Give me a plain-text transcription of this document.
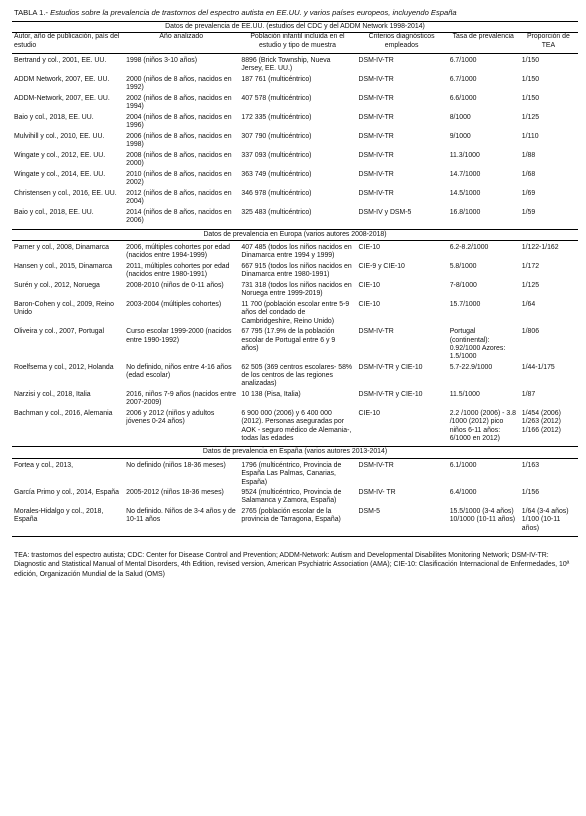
TABLA 1.- Estudios sobre la prevalencia de trastornos del espectro autista en EE.UU. y varios países europeos, incluyendo España
Datos de prevalencia de EE.UU. (estudios del CDC y del ADDM Network 1998-2014)					
Autor, año de publicación, país del estudio	Año analizado	Población infantil incluida en el estudio y tipo de muestra	Criterios diagnósticos empleados	Tasa de prevalencia	Proporción de TEA

Bertrand y col., 2001, EE. UU.	1998 (niños 3-10 años)	8896 (Brick Township, Nueva Jersey, EE. UU.)	DSM-IV-TR	6.7/1000	1/150
ADDM Network, 2007, EE. UU.	2000 (niños de 8 años, nacidos en 1992)	187 761 (multicéntrico)	DSM-IV-TR	6.7/1000	1/150
ADDM-Network, 2007, EE. UU.	2002 (niños de 8 años, nacidos en 1994)	407 578 (multicéntrico)	DSM-IV-TR	6.6/1000	1/150
Baio y col., 2018, EE. UU.	2004 (niños de 8 años, nacidos en 1996)	172 335 (multicéntrico)	DSM-IV-TR	8/1000	1/125
Mulvihill y col., 2010, EE. UU.	2006 (niños de 8 años, nacidos en 1998)	307 790 (multicéntrico)	DSM-IV-TR	9/1000	1/110
Wingate y col., 2012, EE. UU.	2008 (niños de 8 años, nacidos en 2000)	337 093 (multicéntrico)	DSM-IV-TR	11.3/1000	1/88
Wingate y col., 2014, EE. UU.	2010 (niños de 8 años, nacidos en 2002)	363 749 (multicéntrico)	DSM-IV-TR	14.7/1000	1/68
Christensen y col., 2016, EE. UU.	2012 (niños de 8 años, nacidos en 2004)	346 978 (multicéntrico)	DSM-IV-TR	14.5/1000	1/69
Baio y col., 2018, EE. UU.	2014 (niños de 8 años, nacidos en 2006)	325 483 (multicéntrico)	DSM-IV y DSM-5	16.8/1000	1/59

Datos de prevalencia en Europa (varios autores 2008-2018)					

Parner y col., 2008, Dinamarca	2006, múltiples cohortes por edad (nacidos entre 1994-1999)	407 485 (todos los niños nacidos en Dinamarca entre 1994 y 1999)	CIE-10	6.2-8.2/1000	1/122-1/162
Hansen y col., 2015, Dinamarca	2011, múltiples cohortes por edad (nacidos entre 1980-1991)	667 915 (todos los niños nacidos en Dinamarca entre 1980-1991)	CIE-9 y CIE-10	5.8/1000	1/172
Surén y col., 2012, Noruega	2008-2010 (niños de 0-11 años)	731 318 (todos los niños nacidos en Noruega entre 1999-2019)	CIE-10	7-8/1000	1/125
Baron-Cohen y col., 2009, Reino Unido	2003-2004 (múltiples cohortes)	11 700 (población escolar entre 5-9 años del condado de Cambridgeshire, Reino Unido)	CIE-10	15.7/1000	1/64
Oliveira y col., 2007, Portugal	Curso escolar 1999-2000 (nacidos entre 1990-1992)	67 795 (17.9% de la población escolar de Portugal entre 6 y 9 años)	DSM-IV-TR	Portugal (continental): 0.92/1000 Azores: 1.5/1000	1/806
Roelfsema y col., 2012, Holanda	No definido, niños entre 4-16 años (edad escolar)	62 505 (369 centros escolares- 58% de los centros de las regiones analizadas)	DSM-IV-TR y CIE-10	5.7-22.9/1000	1/44-1/175
Narzisi y col., 2018, Italia	2016, niños 7-9 años (nacidos entre 2007-2009)	10 138 (Pisa, Italia)	DSM-IV-TR y CIE-10	11.5/1000	1/87
Bachman y col., 2016, Alemania	2006 y 2012 (niños y adultos jóvenes 0-24 años)	6 900 000 (2006) y 6 400 000 (2012). Personas aseguradas por AOK - seguro médico de Alemania-, todas las edades	CIE-10	2.2 /1000 (2006) - 3.8 /1000 (2012) pico niños 6-11 años: 6/1000 en 2012)	1/454 (2006) 1/263 (2012) 1/166 (2012)

Datos de prevalencia en España (varios autores 2013-2014)					

Fortea y col., 2013,	No definido (niños 18-36 meses)	1796 (multicéntrico, Provincia de España Las Palmas, Canarias, España)	DSM-IV-TR	6.1/1000	1/163
García Primo y col., 2014, España	2005-2012 (niños 18-36 meses)	9524 (multicéntrico, Provincia de Salamanca y Zamora, España)	DSM-IV- TR	6.4/1000	1/156
Morales-Hidalgo y col., 2018, España	No definido. Niños de 3-4 años y de 10-11 años	2765 (población escolar de la provincia de Tarragona, España)	DSM-5	15.5/1000 (3-4 años) 10/1000 (10-11 años)	1/64 (3-4 años) 1/100 (10-11 años)

TEA: trastornos del espectro autista; CDC: Center for Disease Control and Prevention; ADDM-Network: Autism and Developmental Disabilites Monitoring Network; DSM-IV-TR: Diagnostic and Statistical Manual of Mental Disorders, 4th Edition, revised version, American Psychiatric Association (AMA); CIE-10: Clasificación Internacional de Enfermedades, 10ª edición, Organización Mundial de la Salud (OMS)
